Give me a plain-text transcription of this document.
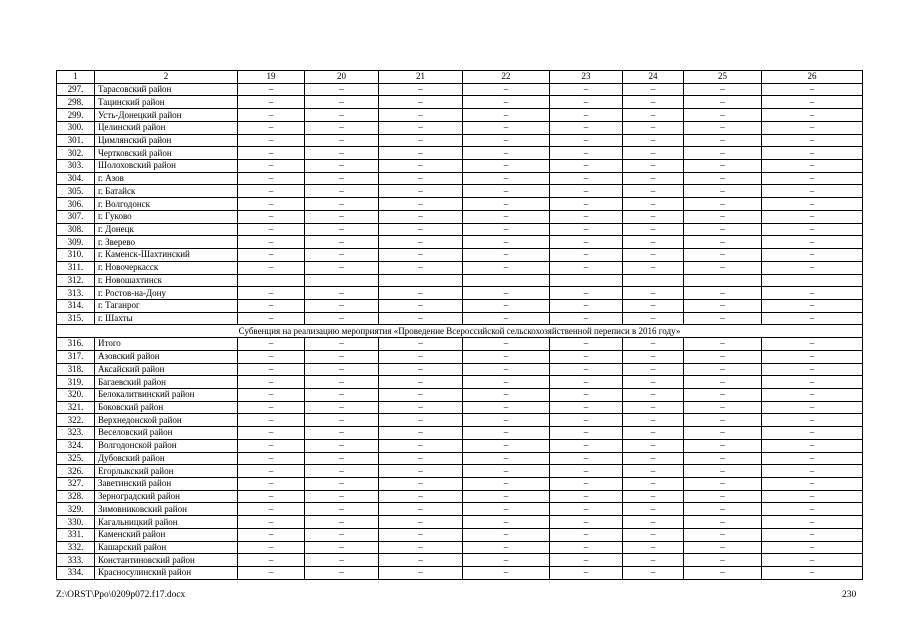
1	2	19	20	21	22	23	24	25	26
297.	Тарасовский район	–	–	–	–	–	–	–	–
298.	Тацинский район	–	–	–	–	–	–	–	–
299.	Усть-Донецкий район	–	–	–	–	–	–	–	–
300.	Целинский район	–	–	–	–	–	–	–	–
301.	Цимлянский район	–	–	–	–	–	–	–	–
302.	Чертковский район	–	–	–	–	–	–	–	–
303.	Шолоховский район	–	–	–	–	–	–	–	–
304.	г. Азов	–	–	–	–	–	–	–	–
305.	г. Батайск	–	–	–	–	–	–	–	–
306.	г. Волгодонск	–	–	–	–	–	–	–	–
307.	г. Гуково	–	–	–	–	–	–	–	–
308.	г. Донецк	–	–	–	–	–	–	–	–
309.	г. Зверево	–	–	–	–	–	–	–	–
310.	г. Каменск-Шахтинский	–	–	–	–	–	–	–	–
311.	г. Новочеркасск	–	–	–	–	–	–	–	–
312.	г. Новошахтинск								
313.	г. Ростов-на-Дону	–	–	–	–	–	–	–	–
314.	г. Таганрог	–	–	–	–	–	–	–	–
315.	г. Шахты	–	–	–	–	–	–	–	–
Субвенция на реализацию мероприятия «Проведение Всероссийской сельскохозяйственной переписи в 2016 году»									
316.	Итого	–	–	–	–	–	–	–	–
317.	Азовский район	–	–	–	–	–	–	–	–
318.	Аксайский район	–	–	–	–	–	–	–	–
319.	Багаевский район	–	–	–	–	–	–	–	–
320.	Белокалитвинский район	–	–	–	–	–	–	–	–
321.	Боковский район	–	–	–	–	–	–	–	–
322.	Верхнедонской район	–	–	–	–	–	–	–	–
323.	Веселовский район	–	–	–	–	–	–	–	–
324.	Волгодонской район	–	–	–	–	–	–	–	–
325.	Дубовский район	–	–	–	–	–	–	–	–
326.	Егорлыкский район	–	–	–	–	–	–	–	–
327.	Заветинский район	–	–	–	–	–	–	–	–
328.	Зерноградский район	–	–	–	–	–	–	–	–
329.	Зимовниковский район	–	–	–	–	–	–	–	–
330.	Кагальницкий район	–	–	–	–	–	–	–	–
331.	Каменский район	–	–	–	–	–	–	–	–
332.	Кашарский район	–	–	–	–	–	–	–	–
333.	Константиновский район	–	–	–	–	–	–	–	–
334.	Красносулинский район	–	–	–	–	–	–	–	–
Z:\ORST\Ppo\0209p072.f17.docx	230
